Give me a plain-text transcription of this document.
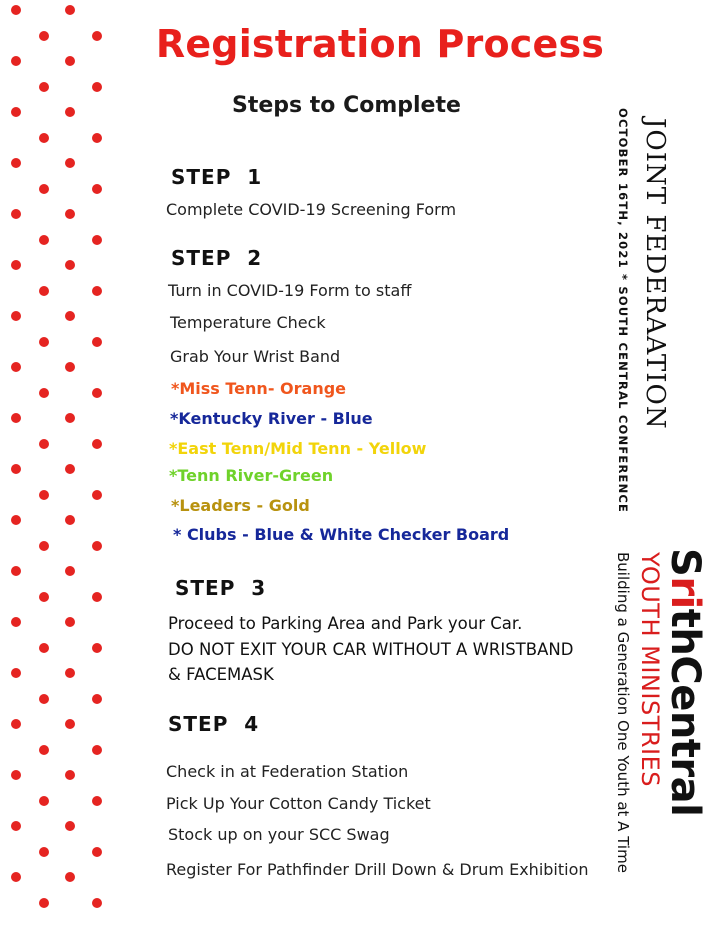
Registration Process
Steps to Complete
STEP  1
Complete COVID-19 Screening Form
STEP  2
Turn in COVID-19 Form to staff
Temperature Check
Grab Your Wrist Band
*Miss Tenn- Orange
*Kentucky River - Blue
*East Tenn/Mid Tenn - Yellow
*Tenn River-Green
*Leaders - Gold
* Clubs - Blue & White Checker Board
STEP  3
Proceed to Parking Area and Park your Car.
DO NOT EXIT YOUR CAR WITHOUT A WRISTBAND
& FACEMASK
STEP  4
Check in at Federation Station
Pick Up Your Cotton Candy Ticket
Stock up on your SCC Swag
Register For Pathfinder Drill Down & Drum Exhibition
JOINT FEDERAATION
OCTOBER 16TH, 2021 * SOUTH CENTRAL CONFERENCE
SrithCentral
YOUTH MINISTRIES
Building a Generation One Youth at A Time
